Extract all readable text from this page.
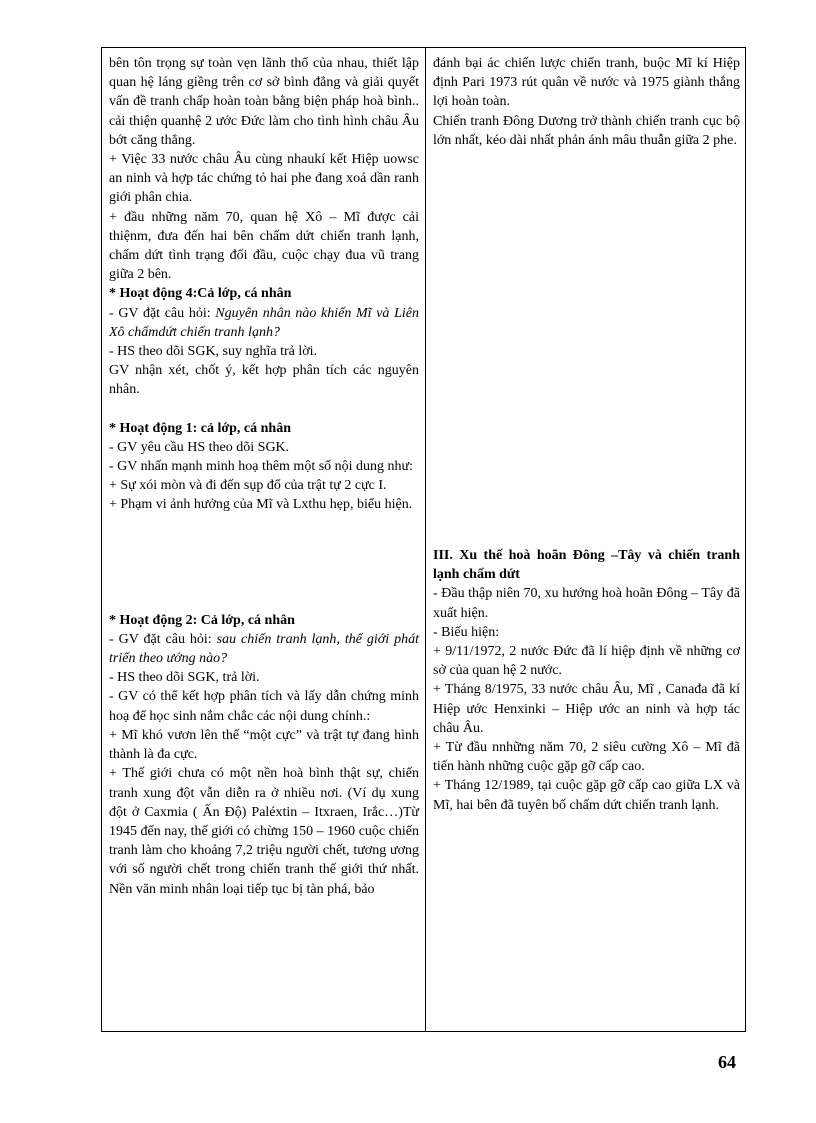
bên tôn trọng sự toàn vẹn lãnh thổ của nhau, thiết lập quan hệ láng giềng trên cơ sở bình đẳng và giải quyết vấn đề tranh chấp hoàn toàn bằng biện pháp hoà bình.. cải thiện quanhệ 2 ước Đức làm cho tình hình châu Âu bớt căng thẳng.

+ Việc 33 nước châu Âu cùng nhaukí kết Hiệp uowsc an ninh và hợp tác chứng tỏ hai phe đang xoá dần ranh giới phân chia.

+ đầu những năm 70, quan hệ Xô – Mĩ được cải thiệnm, đưa đến hai bên chấm dứt chiến tranh lạnh, chấm dứt tình trạng đối đầu, cuộc chạy đua vũ trang giữa 2 bên.

* Hoạt động 4:Cả lớp, cá nhân

- GV đặt câu hỏi: Nguyên nhân nào khiến Mĩ và Liên Xô chấmdứt chiến tranh lạnh?

- HS theo dõi SGK, suy nghĩa trả lời.

GV nhận xét, chốt ý, kết hợp phân tích các nguyên nhân.

* Hoạt động 1: cả lớp, cá nhân

- GV yêu cầu HS theo dõi SGK.

- GV nhấn mạnh minh hoạ thêm một số nội dung như:

+ Sự xói mòn và đi đến sụp đổ của trật tự 2 cực I.

+ Phạm vi ảnh hưởng của Mĩ và Lxthu hẹp, biểu hiện.

* Hoạt động 2: Cả lớp, cá nhân

- GV đặt câu hỏi: sau chiến tranh lạnh, thế giới phát triển theo ướng nào?

- HS theo dõi SGK, trả lời.

- GV có thể kết hợp phân tích và lấy dẫn chứng minh hoạ để học sinh nắm chắc các nội dung chính.:

+ Mĩ khó vươn lên thế “một cực” và trật tự đang hình thành là đa cực.

+ Thế giới chưa có một nền hoà bình thật sự, chiến tranh xung đột vẫn diễn ra ở nhiều nơi. (Ví dụ xung đột ở Caxmia ( Ấn Độ) Paléxtin – Itxraen, Irắc…)Từ 1945 đến nay, thế giới có chừng 150 – 1960 cuộc chiến tranh làm cho khoảng 7,2 triệu người chết, tương ương với số người chết trong chiến tranh thế giới thứ nhất. Nền văn minh nhân loại tiếp tục bị tàn phá, bảo

đánh bại ác chiến lược chiến tranh, buộc Mĩ kí Hiệp định Pari 1973 rút quân về nước và 1975 giành thắng lợi hoàn toàn.

Chiến tranh Đông Dương trở thành chiến tranh cục bộ lớn nhất, kéo dài nhất phản ánh mâu thuẫn giữa 2 phe.

III. Xu thế hoà hoãn Đông –Tây và chiến tranh lạnh chấm dứt

- Đầu thập niên 70, xu hướng hoà hoãn Đông – Tây đã xuất hiện.

- Biểu hiện:

+ 9/11/1972, 2 nước Đức đã lí hiệp định về những cơ sở của quan hệ 2 nước.

+ Tháng 8/1975, 33 nước châu Âu, Mĩ , Canađa đã kí Hiệp ước Henxinki – Hiệp ước an ninh và hợp tác châu Âu.

+ Từ đầu nnhững năm 70, 2 siêu cường Xô – Mĩ đã tiến hành những cuộc gặp gỡ cấp cao.

+ Tháng 12/1989, tại cuộc gặp gỡ cấp cao giữa LX và Mĩ, hai bên đã tuyên bố chấm dứt chiến tranh lạnh.

64
